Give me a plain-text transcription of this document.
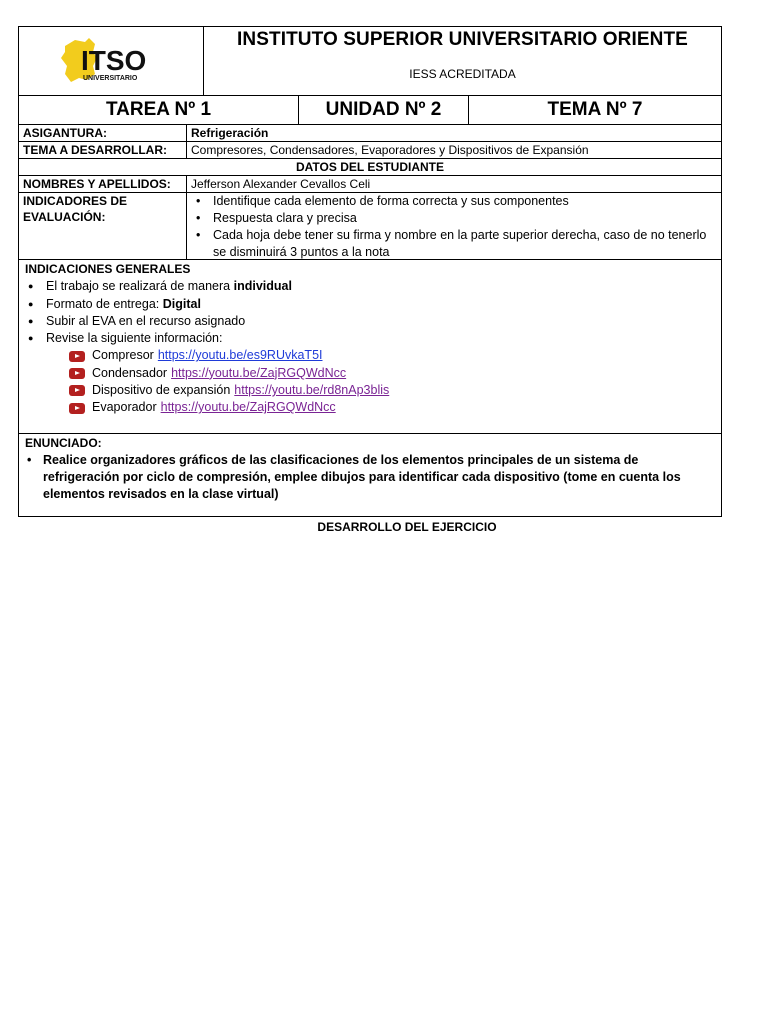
ITSO
UNIVERSITARIO
INSTITUTO SUPERIOR UNIVERSITARIO ORIENTE
IESS ACREDITADA
TAREA Nº 1	UNIDAD Nº 2	TEMA Nº 7
ASIGANTURA:	Refrigeración
TEMA A DESARROLLAR:	Compresores, Condensadores, Evaporadores y Dispositivos de Expansión
DATOS DEL ESTUDIANTE
NOMBRES Y APELLIDOS:	Jefferson Alexander Cevallos Celi
INDICADORES DE EVALUACIÓN:
• Identifique cada elemento de forma correcta y sus componentes
• Respuesta clara y precisa
• Cada hoja debe tener su firma y nombre en la parte superior derecha, caso de no tenerlo se disminuirá 3 puntos a la nota
INDICACIONES GENERALES
● El trabajo se realizará de manera individual
● Formato de entrega: Digital
● Subir al EVA en el recurso asignado
● Revise la siguiente información:
Compresor https://youtu.be/es9RUvkaT5I
Condensador https://youtu.be/ZajRGQWdNcc
Dispositivo de expansión https://youtu.be/rd8nAp3blis
Evaporador https://youtu.be/ZajRGQWdNcc
ENUNCIADO:
• Realice organizadores gráficos de las clasificaciones de los elementos principales de un sistema de refrigeración por ciclo de compresión, emplee dibujos para identificar cada dispositivo (tome en cuenta los elementos revisados en la clase virtual)
DESARROLLO DEL EJERCICIO
